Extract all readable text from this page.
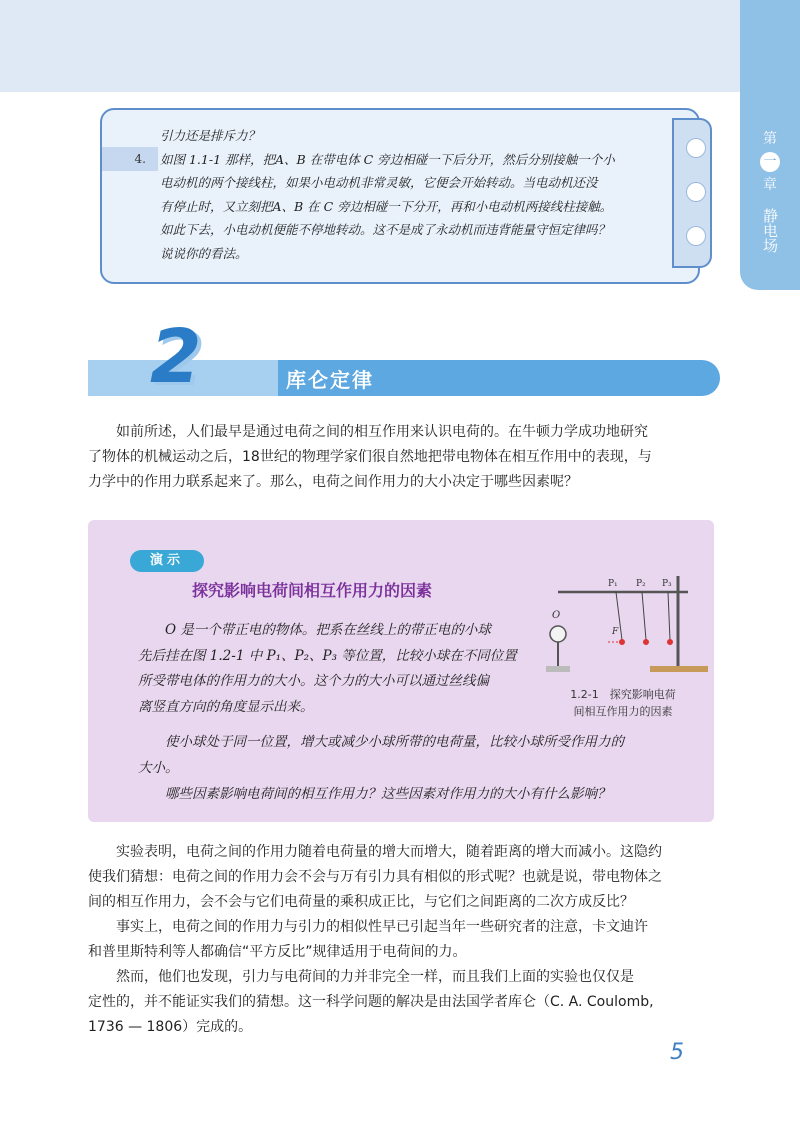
第
一
章
静电场
4.
引力还是排斥力？
如图 1.1-1 那样，把A、B 在带电体 C 旁边相碰一下后分开，然后分别接触一个小
电动机的两个接线柱，如果小电动机非常灵敏，它便会开始转动。当电动机还没
有停止时，又立刻把A、B 在 C 旁边相碰一下分开，再和小电动机两接线柱接触。
如此下去，小电动机便能不停地转动。这不是成了永动机而违背能量守恒定律吗？
说说你的看法。
2	库仑定律
如前所述，人们最早是通过电荷之间的相互作用来认识电荷的。在牛顿力学成功地研究
了物体的机械运动之后，18世纪的物理学家们很自然地把带电物体在相互作用中的表现，与
力学中的作用力联系起来了。那么，电荷之间作用力的大小决定于哪些因素呢？
演示
探究影响电荷间相互作用力的因素
O 是一个带正电的物体。把系在丝线上的带正电的小球
先后挂在图 1.2-1 中 P₁、P₂、P₃ 等位置，比较小球在不同位置
所受带电体的作用力的大小。这个力的大小可以通过丝线偏
离竖直方向的角度显示出来。
使小球处于同一位置，增大或减少小球所带的电荷量，比较小球所受作用力的
大小。
哪些因素影响电荷间的相互作用力？这些因素对作用力的大小有什么影响？
O
P₁ P₂ P₃
F
1.2-1　探究影响电荷
间相互作用力的因素
实验表明，电荷之间的作用力随着电荷量的增大而增大，随着距离的增大而减小。这隐约
使我们猜想：电荷之间的作用力会不会与万有引力具有相似的形式呢？也就是说，带电物体之
间的相互作用力，会不会与它们电荷量的乘积成正比，与它们之间距离的二次方成反比？
事实上，电荷之间的作用力与引力的相似性早已引起当年一些研究者的注意，卡文迪许
和普里斯特利等人都确信“平方反比”规律适用于电荷间的力。
然而，他们也发现，引力与电荷间的力并非完全一样，而且我们上面的实验也仅仅是
定性的，并不能证实我们的猜想。这一科学问题的解决是由法国学者库仑（C. A. Coulomb,
1736 — 1806）完成的。
5
